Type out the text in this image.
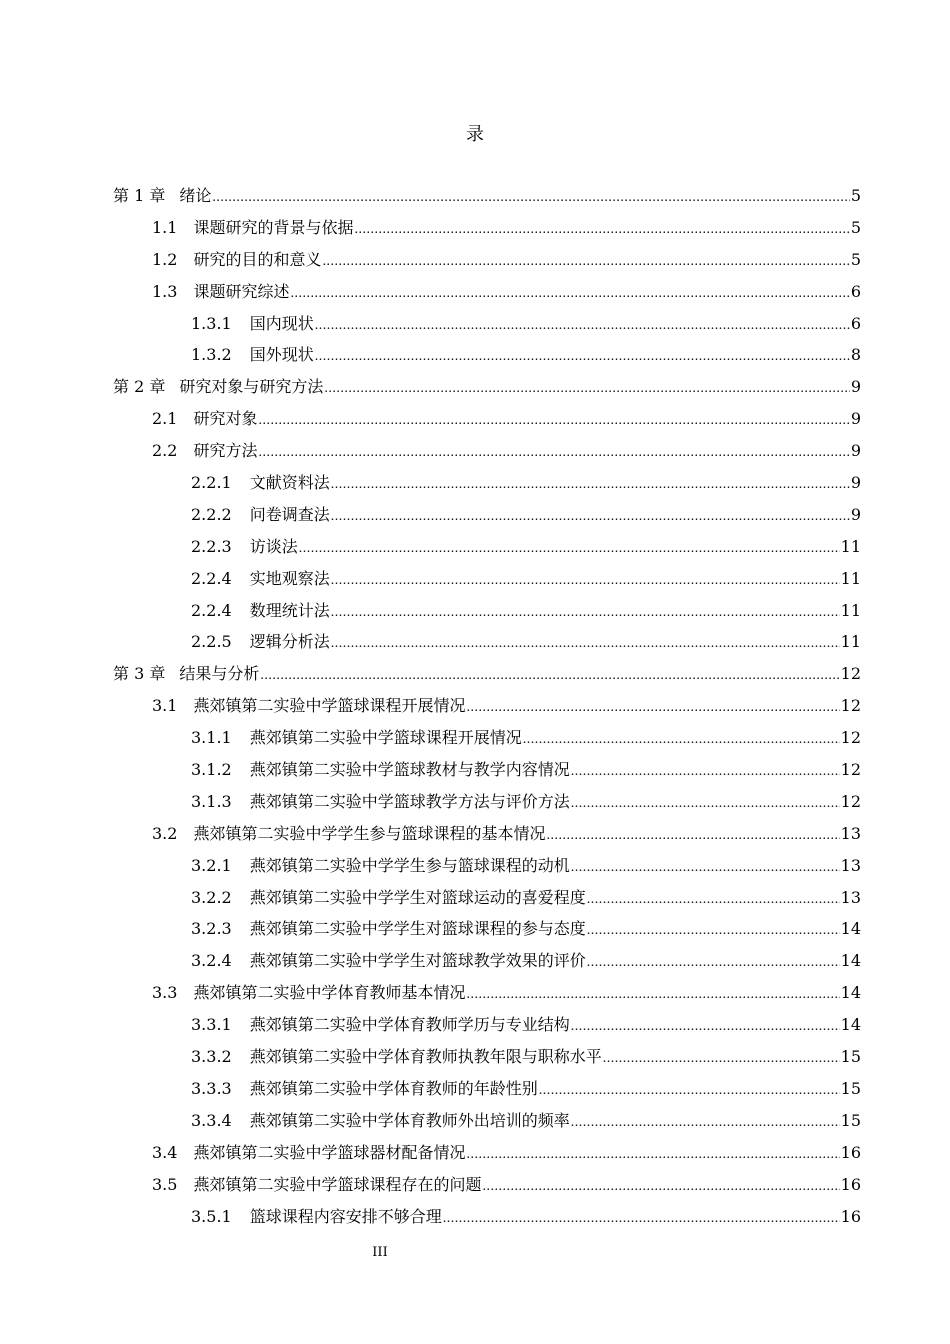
录
第 1 章 绪论 .....	5
1.1 课题研究的背景与依据 .....	5
1.2 研究的目的和意义 .....	5
1.3 课题研究综述 .....	6
1.3.1 国内现状 .....	6
1.3.2 国外现状 .....	8
第 2 章 研究对象与研究方法 .....	9
2.1 研究对象 .....	9
2.2 研究方法 .....	9
2.2.1 文献资料法 .....	9
2.2.2 问卷调查法 .....	9
2.2.3 访谈法 .....	11
2.2.4 实地观察法 .....	11
2.2.4 数理统计法 .....	11
2.2.5 逻辑分析法 .....	11
第 3 章 结果与分析 .....	12
3.1 燕郊镇第二实验中学篮球课程开展情况 .....	12
3.1.1 燕郊镇第二实验中学篮球课程开展情况 .....	12
3.1.2 燕郊镇第二实验中学篮球教材与教学内容情况 .....	12
3.1.3 燕郊镇第二实验中学篮球教学方法与评价方法 .....	12
3.2 燕郊镇第二实验中学学生参与篮球课程的基本情况 .....	13
3.2.1 燕郊镇第二实验中学学生参与篮球课程的动机 .....	13
3.2.2 燕郊镇第二实验中学学生对篮球运动的喜爱程度 .....	13
3.2.3 燕郊镇第二实验中学学生对篮球课程的参与态度 .....	14
3.2.4 燕郊镇第二实验中学学生对篮球教学效果的评价 .....	14
3.3 燕郊镇第二实验中学体育教师基本情况 .....	14
3.3.1 燕郊镇第二实验中学体育教师学历与专业结构 .....	14
3.3.2 燕郊镇第二实验中学体育教师执教年限与职称水平 .....	15
3.3.3 燕郊镇第二实验中学体育教师的年龄性别 .....	15
3.3.4 燕郊镇第二实验中学体育教师外出培训的频率 .....	15
3.4 燕郊镇第二实验中学篮球器材配备情况 .....	16
3.5 燕郊镇第二实验中学篮球课程存在的问题 .....	16
3.5.1 篮球课程内容安排不够合理 .....	16
III
